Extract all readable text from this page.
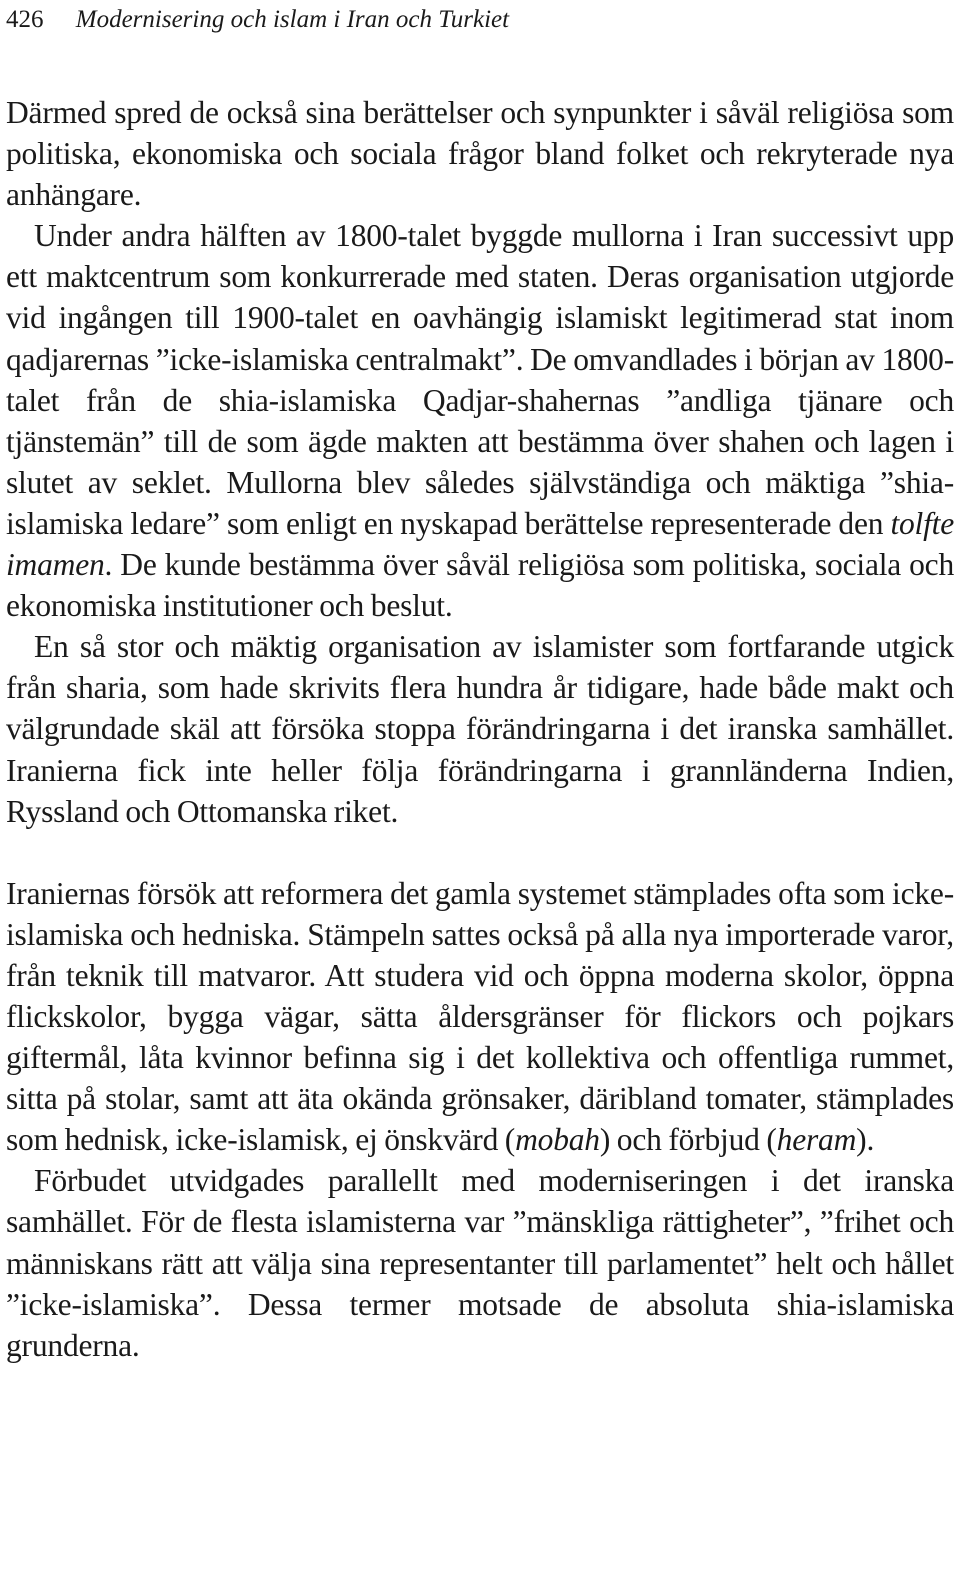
426 Modernisering och islam i Iran och Turkiet

Därmed spred de också sina berättelser och synpunkter i såväl religiösa som politiska, ekonomiska och sociala frågor bland folket och rekryterade nya anhängare.

Under andra hälften av 1800-talet byggde mullorna i Iran successivt upp ett maktcentrum som konkurrerade med staten. Deras organisation utgjorde vid ingången till 1900-talet en oavhängig islamiskt legitimerad stat inom qadjarernas ”icke-islamiska centralmakt”. De omvandlades i början av 1800-talet från de shia-islamiska Qadjar-shahernas ”andliga tjänare och tjänstemän” till de som ägde makten att bestämma över shahen och lagen i slutet av seklet. Mullorna blev således självständiga och mäktiga ”shia-islamiska ledare” som enligt en nyskapad berättelse representerade den tolfte imamen. De kunde bestämma över såväl religiösa som politiska, sociala och ekonomiska institutioner och beslut.

En så stor och mäktig organisation av islamister som fortfarande utgick från sharia, som hade skrivits flera hundra år tidigare, hade både makt och välgrundade skäl att försöka stoppa förändringarna i det iranska samhället. Iranierna fick inte heller följa förändringarna i grannländerna Indien, Ryssland och Ottomanska riket.

Iraniernas försök att reformera det gamla systemet stämplades ofta som icke-islamiska och hedniska. Stämpeln sattes också på alla nya importerade varor, från teknik till matvaror. Att studera vid och öppna moderna skolor, öppna flickskolor, bygga vägar, sätta åldersgränser för flickors och pojkars giftermål, låta kvinnor befinna sig i det kollektiva och offentliga rummet, sitta på stolar, samt att äta okända grönsaker, däribland tomater, stämplades som hednisk, icke-islamisk, ej önskvärd (mobah) och förbjud (heram).

Förbudet utvidgades parallellt med moderniseringen i det iranska samhället. För de flesta islamisterna var ”mänskliga rättigheter”, ”frihet och människans rätt att välja sina representanter till parlamentet” helt och hållet ”icke-islamiska”. Dessa termer motsade de absoluta shia-islamiska grunderna.
